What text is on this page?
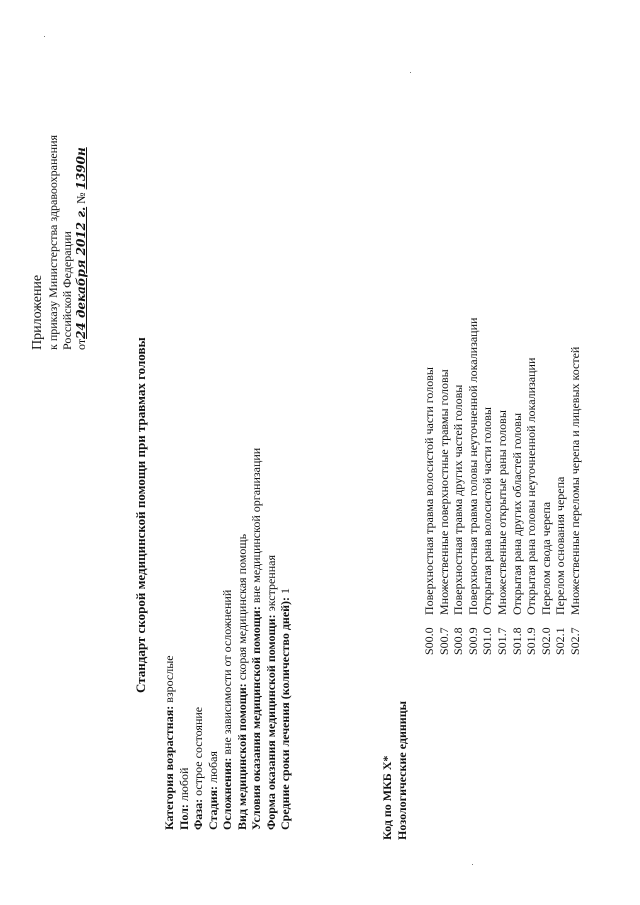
Приложение к приказу Министерства здравоохранения Российской Федерации от24 декабря 2012 г. № 1390н
Стандарт скорой медицинской помощи при травмах головы
Категория возрастная: взрослые
Пол: любой
Фаза: острое состояние
Стадия: любая Осложнения: вне зависимости от осложнений
Вид медицинской помощи: скорая медицинская помощь Условия оказания медицинской помощи: вне медицинской организации
Форма оказания медицинской помощи: экстренная
Средние сроки лечения (количество дней): 1
Код по МКБ X* Нозологические единицы
S00.0Поверхностная травма волосистой части головы
S00.7Множественные поверхностные травмы головы
S00.8Поверхностная травма других частей головы
S00.9Поверхностная травма головы неуточненной локализации
S01.0Открытая рана волосистой части головы
S01.7Множественные открытые раны головы
S01.8Открытая рана других областей головы
S01.9Открытая рана головы неуточненной локализации
S02.0Перелом свода черепа
S02.1Перелом основания черепа
S02.7Множественные переломы черепа и лицевых костей
